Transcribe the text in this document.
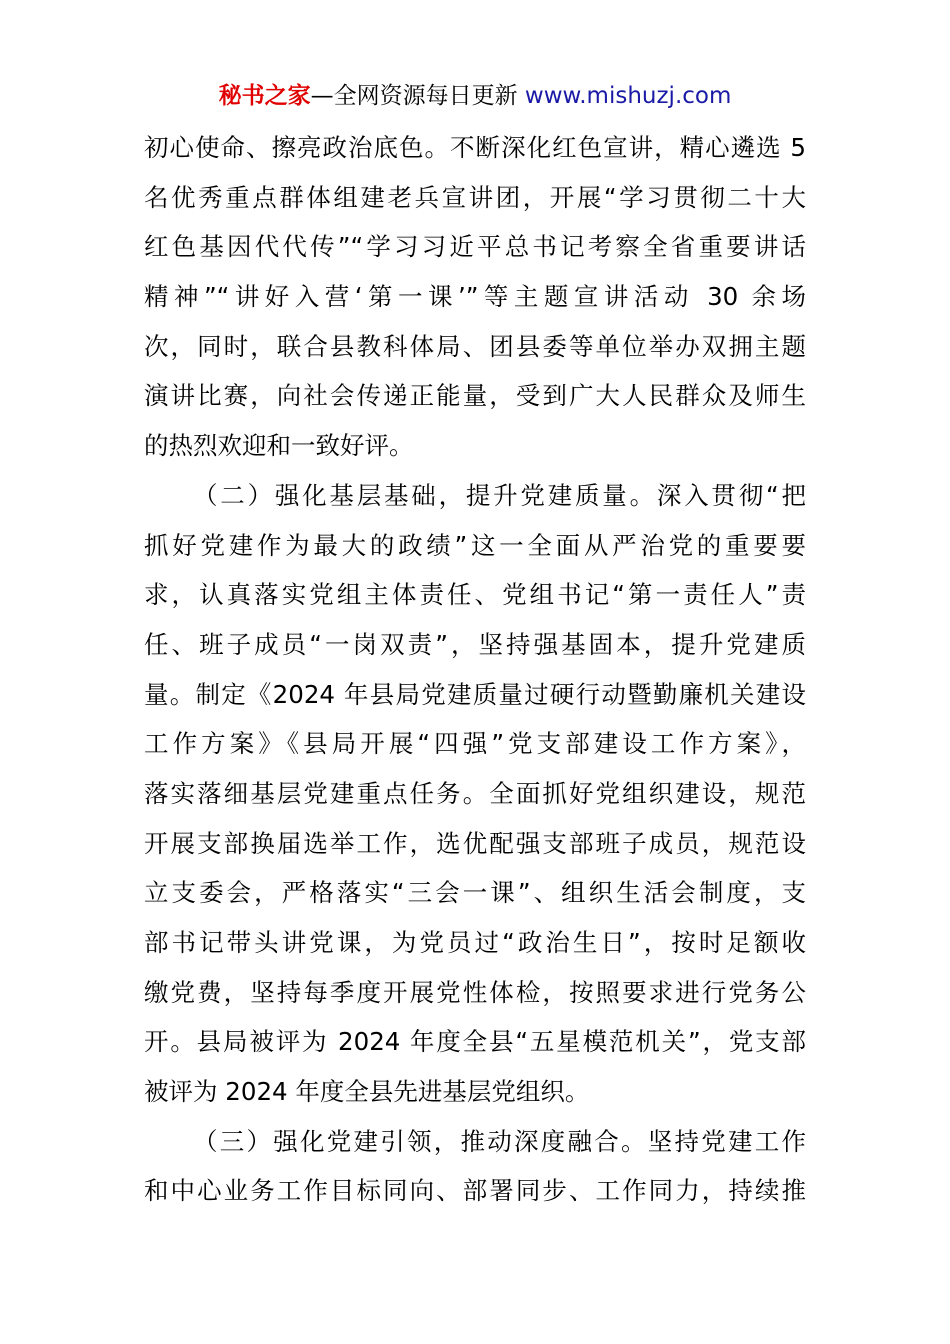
秘书之家—全网资源每日更新 www.mishuzj.com
初心使命、擦亮政治底色。不断深化红色宣讲，精心遴选 5
名优秀重点群体组建老兵宣讲团，开展“学习贯彻二十大
红色基因代代传”“学习习近平总书记考察全省重要讲话
精神”“讲好入营‘第一课’”等主题宣讲活动 30 余场
次，同时，联合县教科体局、团县委等单位举办双拥主题
演讲比赛，向社会传递正能量，受到广大人民群众及师生
的热烈欢迎和一致好评。
（二）强化基层基础，提升党建质量。深入贯彻“把
抓好党建作为最大的政绩”这一全面从严治党的重要要
求，认真落实党组主体责任、党组书记“第一责任人”责
任、班子成员“一岗双责”，坚持强基固本，提升党建质
量。制定《2024 年县局党建质量过硬行动暨勤廉机关建设
工作方案》《县局开展“四强”党支部建设工作方案》，
落实落细基层党建重点任务。全面抓好党组织建设，规范
开展支部换届选举工作，选优配强支部班子成员，规范设
立支委会，严格落实“三会一课”、组织生活会制度，支
部书记带头讲党课，为党员过“政治生日”，按时足额收
缴党费，坚持每季度开展党性体检，按照要求进行党务公
开。县局被评为 2024 年度全县“五星模范机关”，党支部
被评为 2024 年度全县先进基层党组织。
（三）强化党建引领，推动深度融合。坚持党建工作
和中心业务工作目标同向、部署同步、工作同力，持续推
